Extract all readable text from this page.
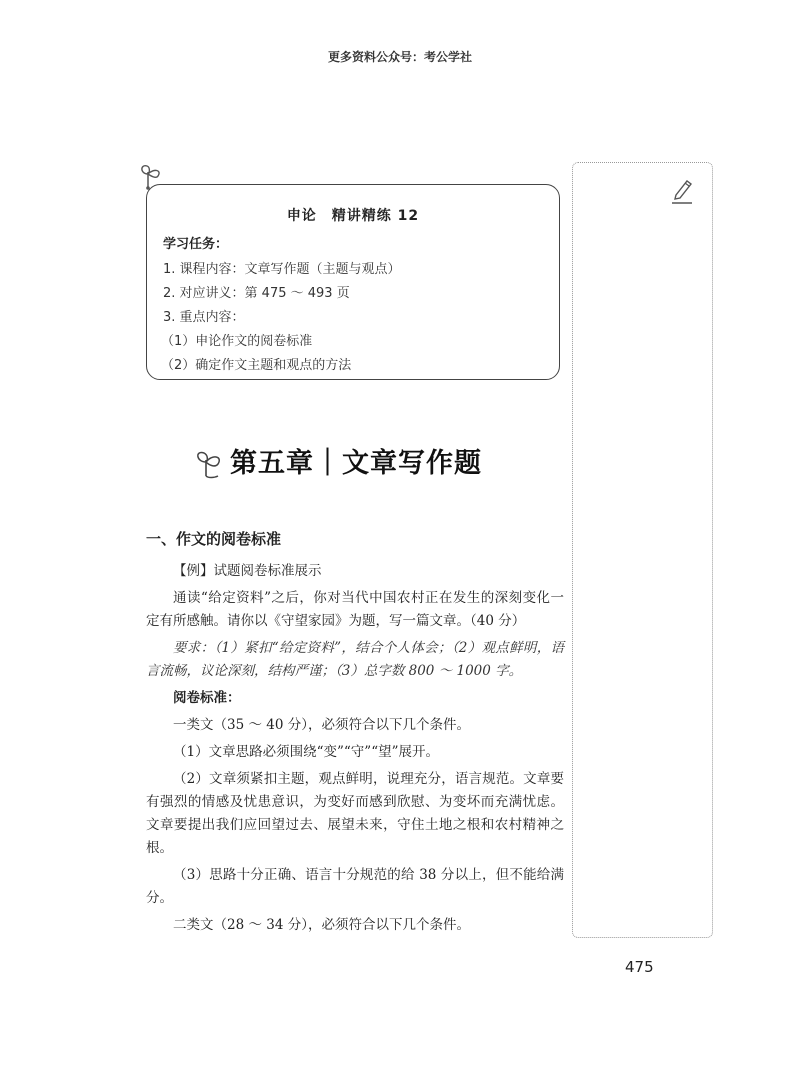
更多资料公众号：考公学社
申论　精讲精练 12
学习任务：
1. 课程内容：文章写作题（主题与观点）
2. 对应讲义：第 475 ～ 493 页
3. 重点内容：
（1）申论作文的阅卷标准
（2）确定作文主题和观点的方法
第五章｜文章写作题
一、作文的阅卷标准

【例】试题阅卷标准展示

通读“给定资料”之后，你对当代中国农村正在发生的深刻变化一定有所感触。请你以《守望家园》为题，写一篇文章。（40 分）

要求：（1）紧扣“给定资料”，结合个人体会；（2）观点鲜明，语言流畅，议论深刻，结构严谨；（3）总字数 800 ～ 1000 字。

阅卷标准：

一类文（35 ～ 40 分），必须符合以下几个条件。

（1）文章思路必须围绕“变”“守”“望”展开。

（2）文章须紧扣主题，观点鲜明，说理充分，语言规范。文章要有强烈的情感及忧患意识，为变好而感到欣慰、为变坏而充满忧虑。文章要提出我们应回望过去、展望未来，守住土地之根和农村精神之根。

（3）思路十分正确、语言十分规范的给 38 分以上，但不能给满分。

二类文（28 ～ 34 分），必须符合以下几个条件。

475
